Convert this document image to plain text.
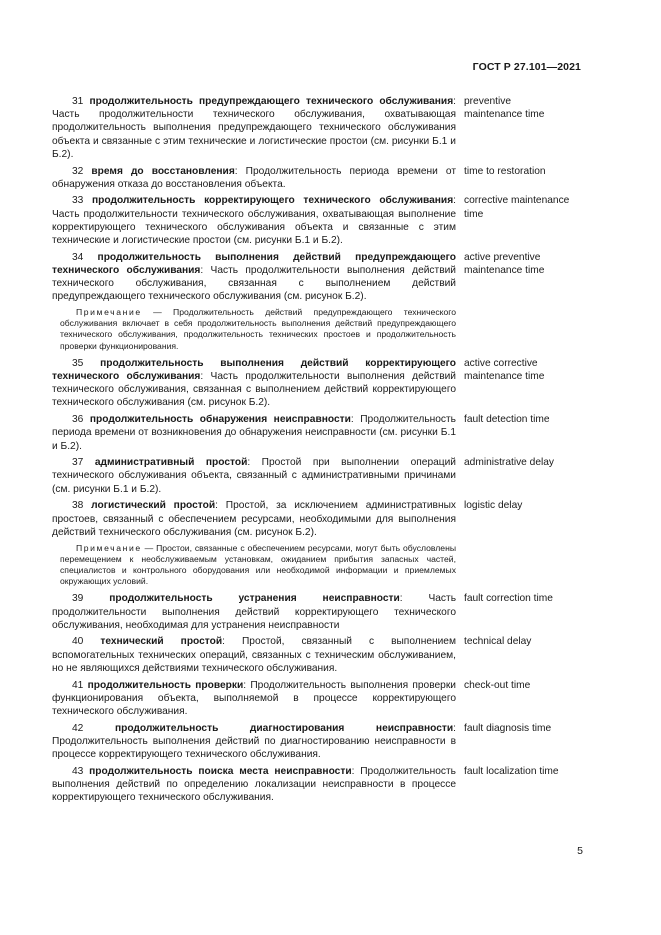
ГОСТ Р 27.101—2021
31 продолжительность предупреждающего технического обслуживания: Часть продолжительности технического обслуживания, охватывающая продолжительность выполнения предупреждающего технического обслуживания объекта и связанные с этим технические и логистические простои (см. рисунки Б.1 и Б.2).
preventive maintenance time
32 время до восстановления: Продолжительность периода времени от обнаружения отказа до восстановления объекта.
time to restoration
33 продолжительность корректирующего технического обслуживания: Часть продолжительности технического обслуживания, охватывающая выполнение корректирующего технического обслуживания объекта и связанные с этим технические и логистические простои (см. рисунки Б.1 и Б.2).
corrective maintenance time
34 продолжительность выполнения действий предупреждающего технического обслуживания: Часть продолжительности выполнения действий технического обслуживания, связанная с выполнением действий предупреждающего технического обслуживания (см. рисунок Б.2).
active preventive maintenance time
Примечание — Продолжительность действий предупреждающего технического обслуживания включает в себя продолжительность выполнения действий предупреждающего технического обслуживания, продолжительность технических простоев и продолжительность проверки функционирования.
35 продолжительность выполнения действий корректирующего технического обслуживания: Часть продолжительности выполнения действий технического обслуживания, связанная с выполнением действий корректирующего технического обслуживания (см. рисунок Б.2).
active corrective maintenance time
36 продолжительность обнаружения неисправности: Продолжительность периода времени от возникновения до обнаружения неисправности (см. рисунки Б.1 и Б.2).
fault detection time
37 административный простой: Простой при выполнении операций технического обслуживания объекта, связанный с административными причинами (см. рисунки Б.1 и Б.2).
administrative delay
38 логистический простой: Простой, за исключением административных простоев, связанный с обеспечением ресурсами, необходимыми для выполнения действий технического обслуживания (см. рисунок Б.2).
logistic delay
Примечание — Простои, связанные с обеспечением ресурсами, могут быть обусловлены перемещением к необслуживаемым установкам, ожиданием прибытия запасных частей, специалистов и контрольного оборудования или необходимой информации и приемлемых окружающих условий.
39	продолжительность устранения неисправности: Часть продолжительности выполнения действий корректирующего технического обслуживания, необходимая для устранения неисправности
fault correction time
40 технический простой: Простой, связанный с выполнением вспомогательных технических операций, связанных с техническим обслуживанием, но не являющихся действиями технического обслуживания.
technical delay
41 продолжительность проверки: Продолжительность выполнения проверки функционирования объекта, выполняемой в процессе корректирующего технического обслуживания.
check-out time
42	продолжительность диагностирования неисправности: Продолжительность выполнения действий по диагностированию неисправности в процессе корректирующего технического обслуживания.
fault diagnosis time
43 продолжительность поиска места неисправности: Продолжительность выполнения действий по определению локализации неисправности в процессе корректирующего технического обслуживания.
fault localization time
5
